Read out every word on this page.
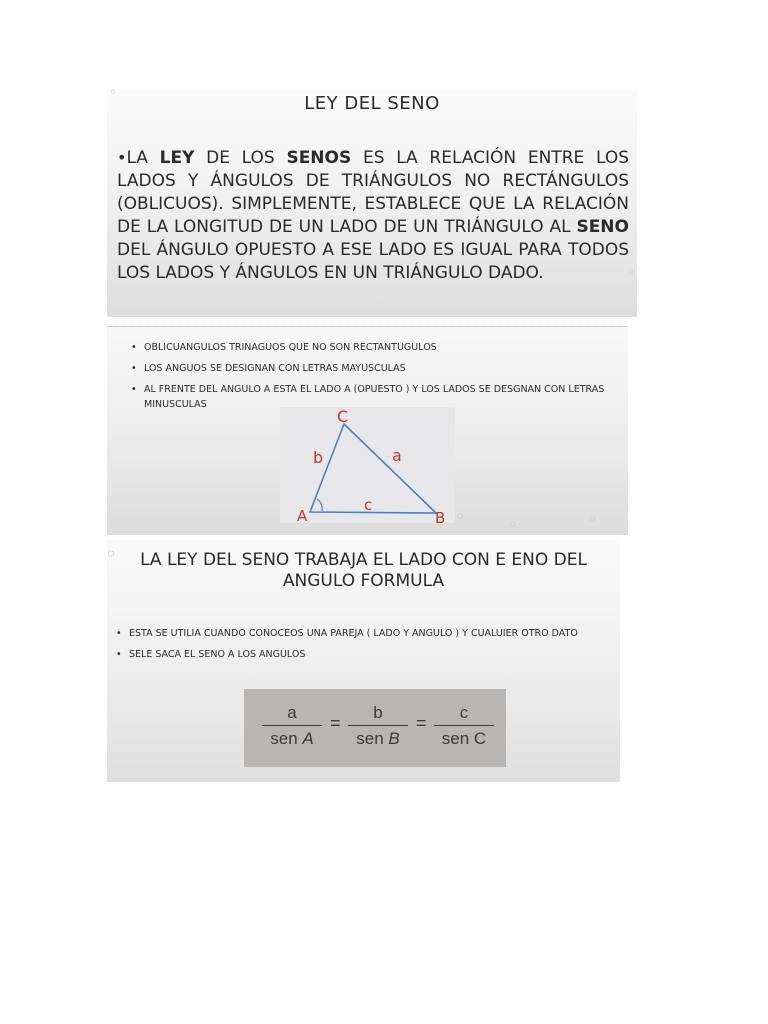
LEY DEL SENO

•LA LEY DE LOS SENOS ES LA RELACIÓN ENTRE LOS LADOS Y ÁNGULOS DE TRIÁNGULOS NO RECTÁNGULOS (OBLICUOS). SIMPLEMENTE, ESTABLECE QUE LA RELACIÓN DE LA LONGITUD DE UN LADO DE UN TRIÁNGULO AL SENO DEL ÁNGULO OPUESTO A ESE LADO ES IGUAL PARA TODOS LOS LADOS Y ÁNGULOS EN UN TRIÁNGULO DADO.

◦
◦
• OBLICUANGULOS TRINAGUOS QUE NO SON RECTANTUGULOS
• LOS ANGUOS SE DESIGNAN CON LETRAS MAYUSCULAS
• AL FRENTE DEL ANGULO A ESTA EL LADO A (OPUESTO ) Y LOS LADOS SE DESGNAN CON LETRAS MINUSCULAS
C
A	B
b	a
c
◦ ◦	◦
LA LEY DEL SENO TRABAJA EL LADO CON E ENO DEL ANGULO FORMULA
• ESTA SE UTILIA CUANDO CONOCEOS UNA PAREJA ( LADO Y ANGULO ) Y CUALUIER OTRO DATO
• SELE SACA EL SENO A LOS ANGULOS
a
sen A
=
b
sen B
=
c
sen C
◦
